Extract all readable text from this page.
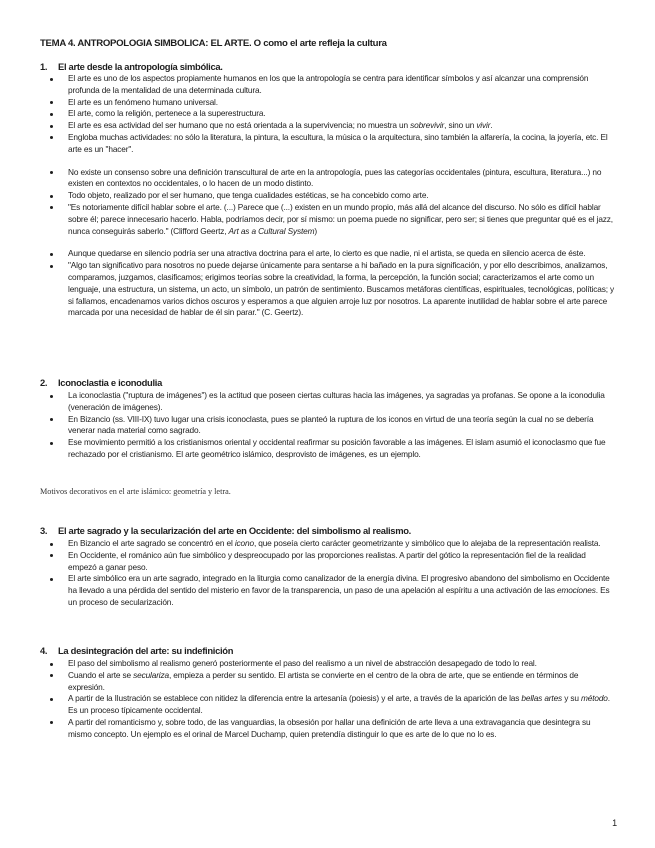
TEMA 4. ANTROPOLOGIA SIMBOLICA: EL ARTE. O como el arte refleja la cultura
1. El arte desde la antropología simbólica.
El arte es uno de los aspectos propiamente humanos en los que la antropología se centra para identificar símbolos y así alcanzar una comprensión profunda de la mentalidad de una determinada cultura.
El arte es un fenómeno humano universal.
El arte, como la religión, pertenece a la superestructura.
El arte es esa actividad del ser humano que no está orientada a la supervivencia; no muestra un sobrevivir, sino un vivir.
Engloba muchas actividades: no sólo la literatura, la pintura, la escultura, la música o la arquitectura, sino también la alfarería, la cocina, la joyería, etc. El arte es un "hacer".
No existe un consenso sobre una definición transcultural de arte en la antropología, pues las categorías occidentales (pintura, escultura, literatura...) no existen en contextos no occidentales, o lo hacen de un modo distinto.
Todo objeto, realizado por el ser humano, que tenga cualidades estéticas, se ha concebido como arte.
"Es notoriamente difícil hablar sobre el arte. (...) Parece que (...) existen en un mundo propio, más allá del alcance del discurso. No sólo es difícil hablar sobre él; parece innecesario hacerlo. Habla, podríamos decir, por sí mismo: un poema puede no significar, pero ser; si tienes que preguntar qué es el jazz, nunca conseguirás saberlo." (Clifford Geertz, Art as a Cultural System)
Aunque quedarse en silencio podría ser una atractiva doctrina para el arte, lo cierto es que nadie, ni el artista, se queda en silencio acerca de éste.
"Algo tan significativo para nosotros no puede dejarse únicamente para sentarse a hi bañado en la pura significación, y por ello describimos, analizamos, comparamos, juzgamos, clasificamos; erigimos teorías sobre la creatividad, la forma, la percepción, la función social; caracterizamos el arte como un lenguaje, una estructura, un sistema, un acto, un símbolo, un patrón de sentimiento. Buscamos metáforas científicas, espirituales, tecnológicas, políticas; y si fallamos, encadenamos varios dichos oscuros y esperamos a que alguien arroje luz por nosotros. La aparente inutilidad de hablar sobre el arte parece marcada por una necesidad de hablar de él sin parar." (C. Geertz).
2. Iconoclastia e iconodulia
La iconoclastia ("ruptura de imágenes") es la actitud que poseen ciertas culturas hacia las imágenes, ya sagradas ya profanas. Se opone a la iconodulia (veneración de imágenes).
En Bizancio (ss. VIII-IX) tuvo lugar una crisis iconoclasta, pues se planteó la ruptura de los iconos en virtud de una teoría según la cual no se debería venerar nada material como sagrado.
Ese movimiento permitió a los cristianismos oriental y occidental reafirmar su posición favorable a las imágenes. El islam asumió el iconoclasmo que fue rechazado por el cristianismo. El arte geométrico islámico, desprovisto de imágenes, es un ejemplo.
Motivos decorativos en el arte islámico: geometría y letra.
3. El arte sagrado y la secularización del arte en Occidente: del simbolismo al realismo.
En Bizancio el arte sagrado se concentró en el icono, que poseía cierto carácter geometrizante y simbólico que lo alejaba de la representación realista.
En Occidente, el románico aún fue simbólico y despreocupado por las proporciones realistas. A partir del gótico la representación fiel de la realidad empezó a ganar peso.
El arte simbólico era un arte sagrado, integrado en la liturgia como canalizador de la energía divina. El progresivo abandono del simbolismo en Occidente ha llevado a una pérdida del sentido del misterio en favor de la transparencia, un paso de una apelación al espíritu a una activación de las emociones. Es un proceso de secularización.
4. La desintegración del arte: su indefinición
El paso del simbolismo al realismo generó posteriormente el paso del realismo a un nivel de abstracción desapegado de todo lo real.
Cuando el arte se seculariza, empieza a perder su sentido. El artista se convierte en el centro de la obra de arte, que se entiende en términos de expresión.
A partir de la Ilustración se establece con nitidez la diferencia entre la artesanía (poiesis) y el arte, a través de la aparición de las bellas artes y su método. Es un proceso típicamente occidental.
A partir del romanticismo y, sobre todo, de las vanguardias, la obsesión por hallar una definición de arte lleva a una extravagancia que desintegra su mismo concepto. Un ejemplo es el orinal de Marcel Duchamp, quien pretendía distinguir lo que es arte de lo que no lo es.
1
